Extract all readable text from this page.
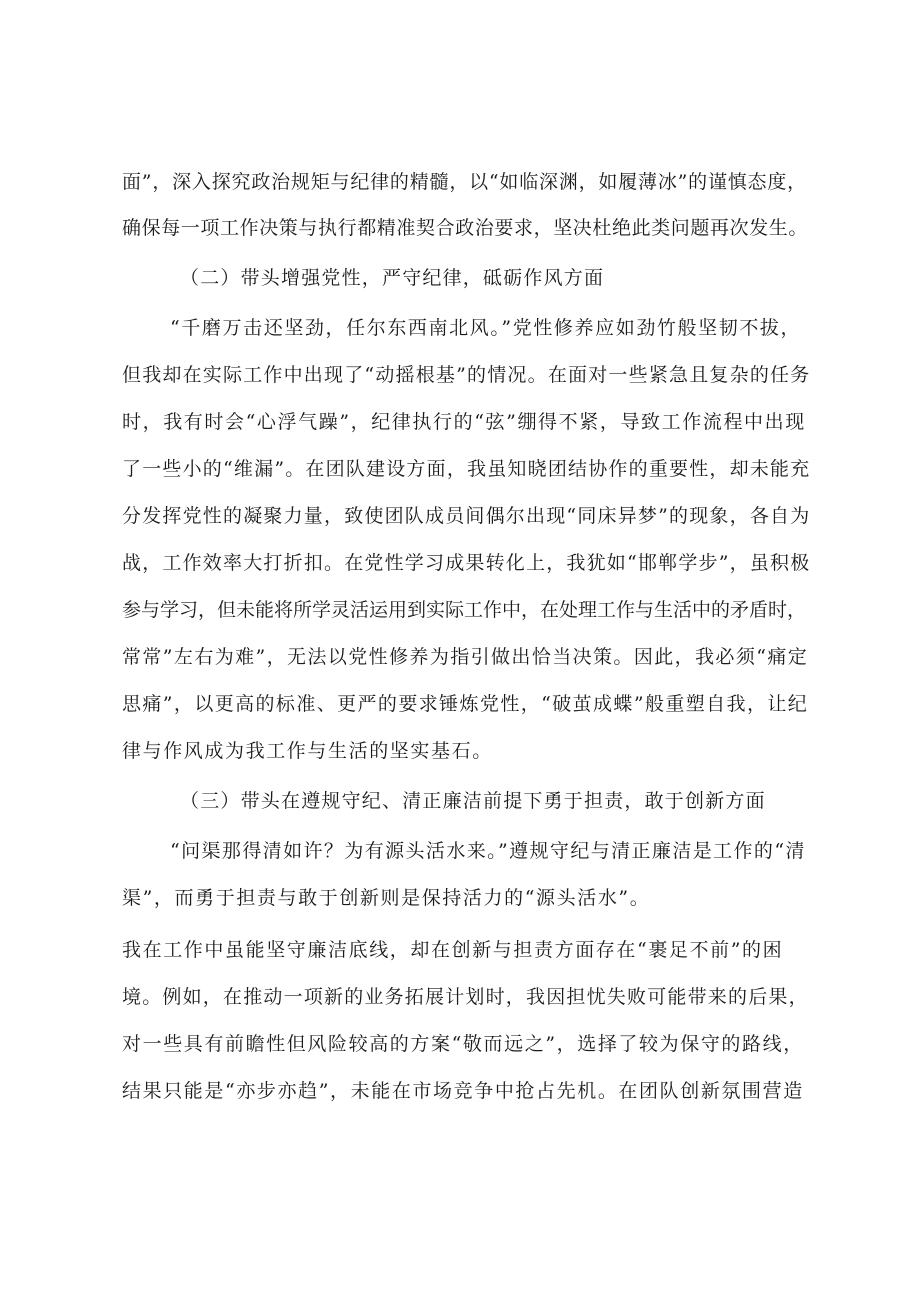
面”，深入探究政治规矩与纪律的精髓，以“如临深渊，如履薄冰”的谨慎态度，
确保每一项工作决策与执行都精准契合政治要求，坚决杜绝此类问题再次发生。
（二）带头增强党性，严守纪律，砥砺作风方面
“千磨万击还坚劲，任尔东西南北风。”党性修养应如劲竹般坚韧不拔，
但我却在实际工作中出现了“动摇根基”的情况。在面对一些紧急且复杂的任务
时，我有时会“心浮气躁”，纪律执行的“弦”绷得不紧，导致工作流程中出现
了一些小的“维漏”。在团队建设方面，我虽知晓团结协作的重要性，却未能充
分发挥党性的凝聚力量，致使团队成员间偶尔出现“同床异梦”的现象，各自为
战，工作效率大打折扣。在党性学习成果转化上，我犹如“邯郸学步”，虽积极
参与学习，但未能将所学灵活运用到实际工作中，在处理工作与生活中的矛盾时，
常常”左右为难”，无法以党性修养为指引做出恰当决策。因此，我必须“痛定
思痛”，以更高的标准、更严的要求锤炼党性，“破茧成蝶”般重塑自我，让纪
律与作风成为我工作与生活的坚实基石。
（三）带头在遵规守纪、清正廉洁前提下勇于担责，敢于创新方面
“问渠那得清如许？为有源头活水来。”遵规守纪与清正廉洁是工作的“清
渠”，而勇于担责与敢于创新则是保持活力的“源头活水”。
我在工作中虽能坚守廉洁底线，却在创新与担责方面存在“裹足不前”的困
境。例如，在推动一项新的业务拓展计划时，我因担忧失败可能带来的后果，
对一些具有前瞻性但风险较高的方案“敬而远之”，选择了较为保守的路线，
结果只能是“亦步亦趋”，未能在市场竞争中抢占先机。在团队创新氛围营造
